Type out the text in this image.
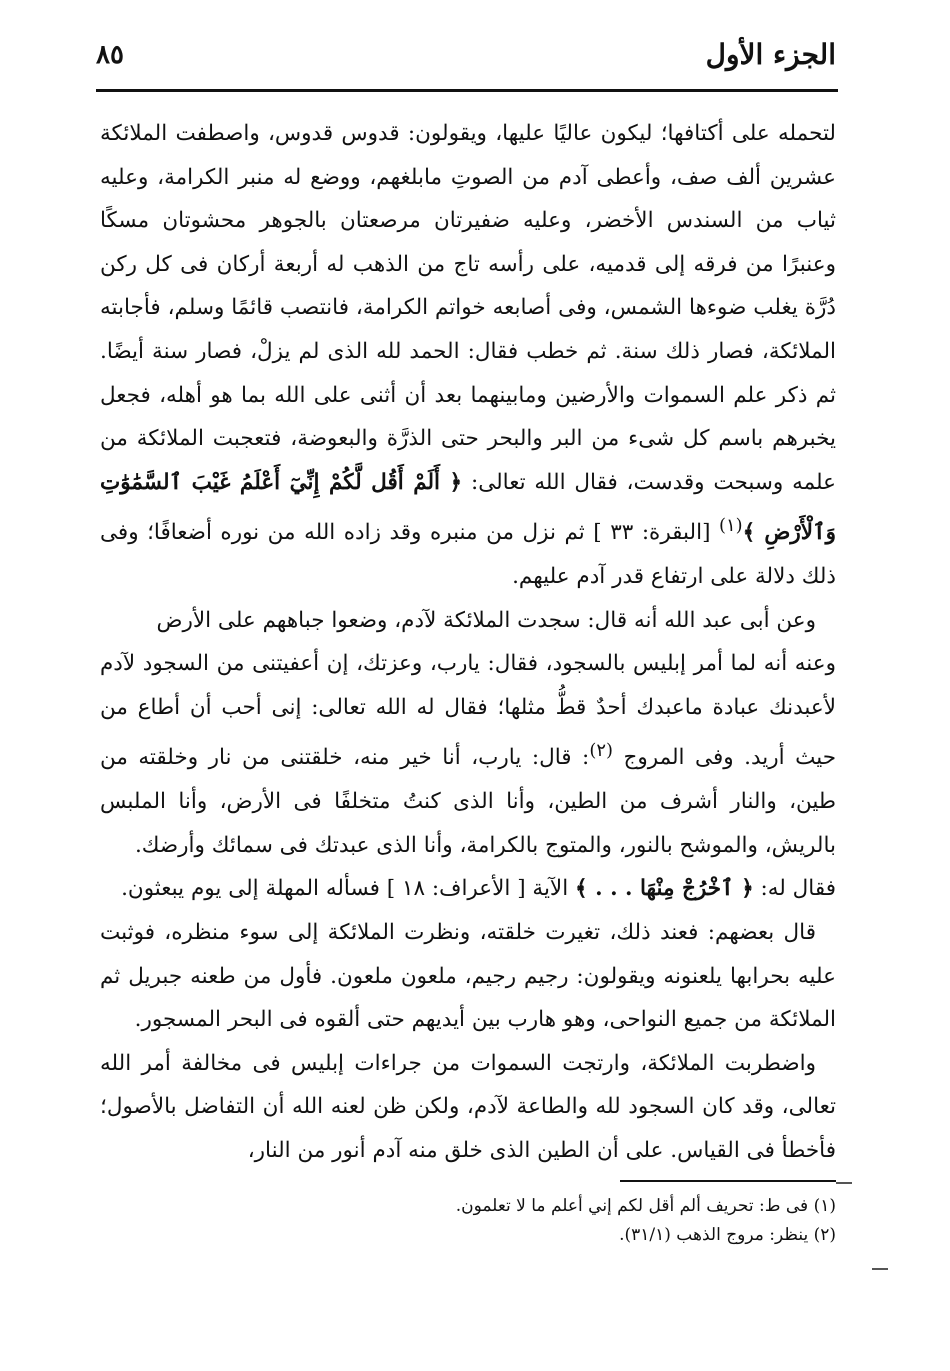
الجزء الأول
٨٥

لتحمله على أكتافها؛ ليكون عاليًا عليها، ويقولون: قدوس قدوس، واصطفت الملائكة عشرين ألف صف، وأعطى آدم من الصوتِ مابلغهم، ووضع له منبر الكرامة، وعليه ثياب من السندس الأخضر، وعليه ضفيرتان مرصعتان بالجوهر محشوتان مسكًا وعنبرًا من فرقه إلى قدميه، على رأسه تاج من الذهب له أربعة أركان فى كل ركن دُرَّة يغلب ضوءها الشمس، وفى أصابعه خواتم الكرامة، فانتصب قائمًا وسلم، فأجابته الملائكة، فصار ذلك سنة. ثم خطب فقال: الحمد لله الذى لم يزلْ، فصار سنة أيضًا. ثم ذكر علم السموات والأرضين ومابينهما بعد أن أثنى على الله بما هو أهله، فجعل يخبرهم باسم كل شىء من البر والبحر حتى الذرَّة والبعوضة، فتعجبت الملائكة من علمه وسبحت وقدست، فقال الله تعالى: ﴿ أَلَمْ أَقُل لَّكُمْ إِنِّيٓ أَعْلَمُ غَيْبَ ٱلسَّمَٰوَٰتِ وَٱلْأَرْضِ ﴾$^{(١)}$ [البقرة: ٣٣ ] ثم نزل من منبره وقد زاده الله من نوره أضعافًا؛ وفى ذلك دلالة على ارتفاع قدر آدم عليهم.

وعن أبى عبد الله أنه قال: سجدت الملائكة لآدم، وضعوا جباههم على الأرض

وعنه أنه لما أمر إبليس بالسجود، فقال: يارب، وعزتك، إن أعفيتنى من السجود لآدم لأعبدنك عبادة ماعبدك أحدٌ قطُّ مثلها؛ فقال له الله تعالى: إنى أحب أن أطاع من حيث أريد. وفى المروج $^{(٢)}$: قال: يارب، أنا خير منه، خلقتنى من نار وخلقته من طين، والنار أشرف من الطين، وأنا الذى كنتُ متخلفًا فى الأرض، وأنا الملبس بالريش، والموشح بالنور، والمتوج بالكرامة، وأنا الذى عبدتك فى سمائك وأرضك.

فقال له: ﴿ ٱخْرُجْ مِنْهَا . . . ﴾ الآية [ الأعراف: ١٨ ] فسأله المهلة إلى يوم يبعثون.

قال بعضهم: فعند ذلك، تغيرت خلقته، ونظرت الملائكة إلى سوء منظره، فوثبت عليه بحرابها يلعنونه ويقولون: رجيم رجيم، ملعون ملعون. فأول من طعنه جبريل ثم الملائكة من جميع النواحى، وهو هارب بين أيديهم حتى ألقوه فى البحر المسجور.

واضطربت الملائكة، وارتجت السموات من جراءات إبليس فى مخالفة أمر الله تعالى، وقد كان السجود لله والطاعة لآدم، ولكن ظن لعنه الله أن التفاضل بالأصول؛ فأخطأ فى القياس. على أن الطين الذى خلق منه آدم أنور من النار،

(١) فى ط: تحريف ألم أقل لكم إني أعلم ما لا تعلمون.

(٢) ينظر: مروج الذهب (٣١/١).
